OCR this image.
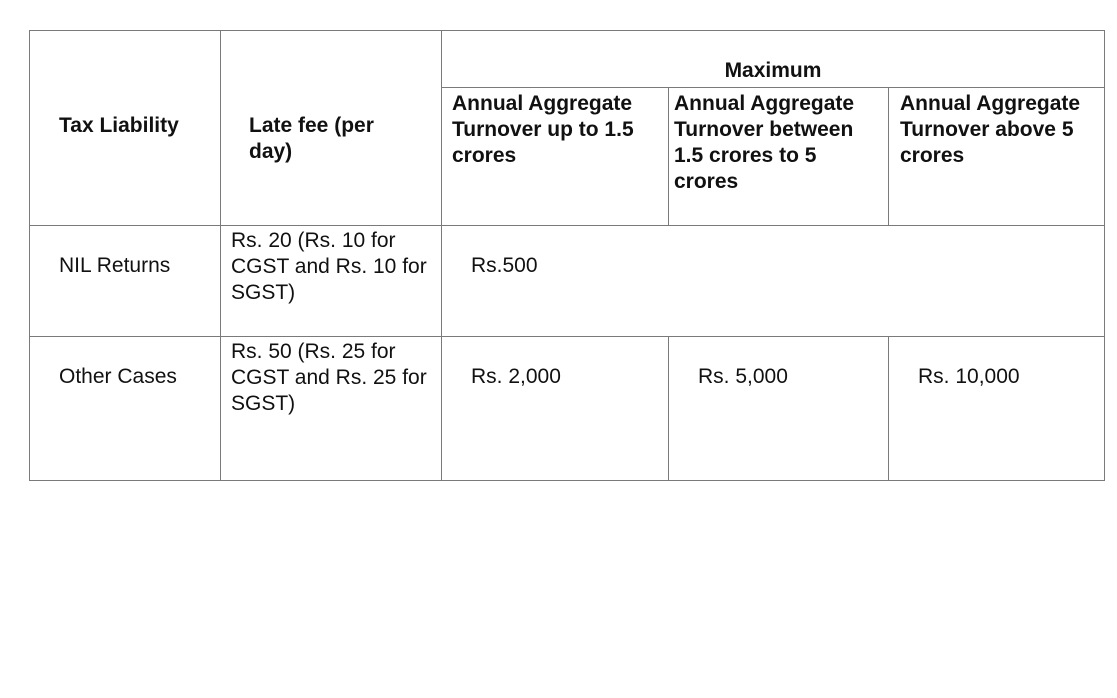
Tax Liability	Late fee (per day)	Maximum		

		Annual Aggregate Turnover up to 1.5 crores	Annual Aggregate Turnover between 1.5 crores to 5 crores	Annual Aggregate Turnover above 5 crores

NIL Returns	Rs. 20 (Rs. 10 for CGST and Rs. 10 for SGST)	Rs.500		

Other Cases	Rs. 50 (Rs. 25 for CGST and Rs. 25 for SGST)	Rs. 2,000	Rs. 5,000	Rs. 10,000
